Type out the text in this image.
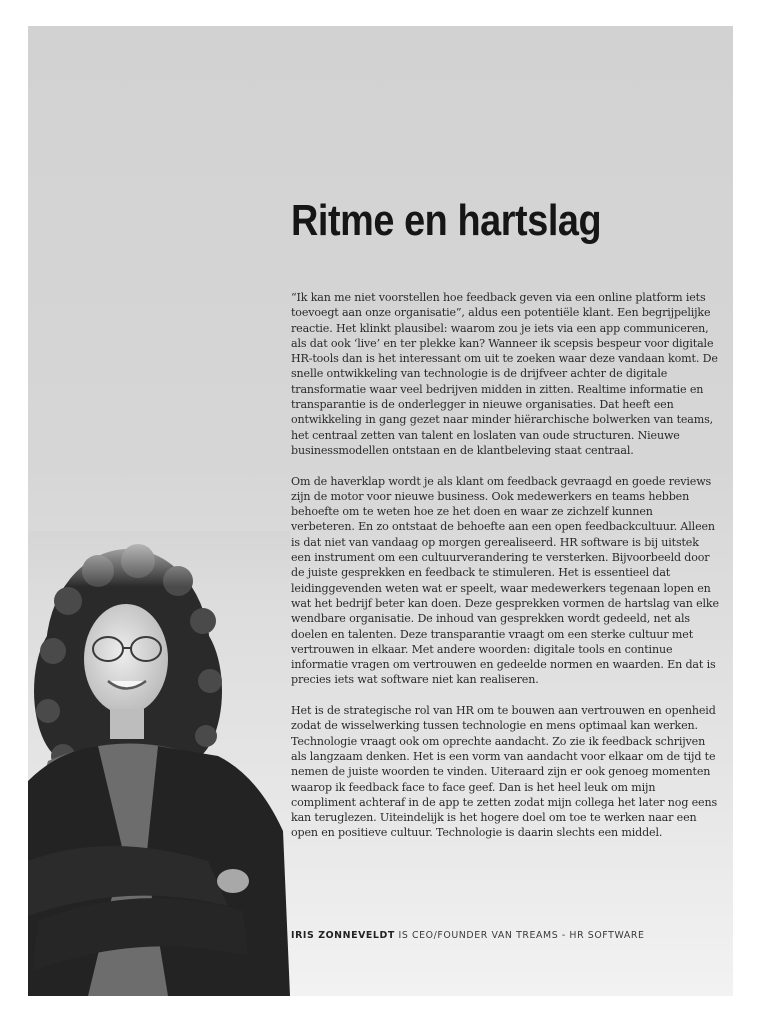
Ritme en hartslag

“Ik kan me niet voorstellen hoe feedback geven via een online platform iets toevoegt aan onze organisatie”, aldus een potentiële klant. Een begrijpelijke reactie. Het klinkt plausibel: waarom zou je iets via een app communiceren, als dat ook ‘live’ en ter plekke kan? Wanneer ik scepsis bespeur voor digitale HR-tools dan is het interessant om uit te zoeken waar deze vandaan komt. De snelle ontwikkeling van technologie is de drijfveer achter de digitale transformatie waar veel bedrijven midden in zitten. Realtime informatie en transparantie is de onderlegger in nieuwe organisaties. Dat heeft een ontwikkeling in gang gezet naar minder hiërarchische bolwerken van teams, het centraal zetten van talent en loslaten van oude structuren. Nieuwe businessmodellen ontstaan en de klantbeleving staat centraal.

Om de haverklap wordt je als klant om feedback gevraagd en goede reviews zijn de motor voor nieuwe business. Ook medewerkers en teams hebben behoefte om te weten hoe ze het doen en waar ze zichzelf kunnen verbeteren. En zo ontstaat de behoefte aan een open feedbackcultuur. Alleen is dat niet van vandaag op morgen gerealiseerd. HR software is bij uitstek een instrument om een cultuurverandering te versterken. Bijvoorbeeld door de juiste gesprekken en feedback te stimuleren. Het is essentieel dat leidinggevenden weten wat er speelt, waar medewerkers tegenaan lopen en wat het bedrijf beter kan doen. Deze gesprekken vormen de hartslag van elke wendbare organisatie. De inhoud van gesprekken wordt gedeeld, net als doelen en talenten. Deze transparantie vraagt om een sterke cultuur met vertrouwen in elkaar. Met andere woorden: digitale tools en continue informatie vragen om vertrouwen en gedeelde normen en waarden. En dat is precies iets wat software niet kan realiseren.

Het is de strategische rol van HR om te bouwen aan vertrouwen en openheid zodat de wisselwerking tussen technologie en mens optimaal kan werken. Technologie vraagt ook om oprechte aandacht. Zo zie ik feedback schrijven als langzaam denken. Het is een vorm van aandacht voor elkaar om de tijd te nemen de juiste woorden te vinden. Uiteraard zijn er ook genoeg momenten waarop ik feedback face to face geef. Dan is het heel leuk om mijn compliment achteraf in de app te zetten zodat mijn collega het later nog eens kan teruglezen. Uiteindelijk is het hogere doel om toe te werken naar een open en positieve cultuur. Technologie is daarin slechts een middel.

IRIS ZONNEVELDT IS CEO/FOUNDER VAN TREAMS - HR SOFTWARE
